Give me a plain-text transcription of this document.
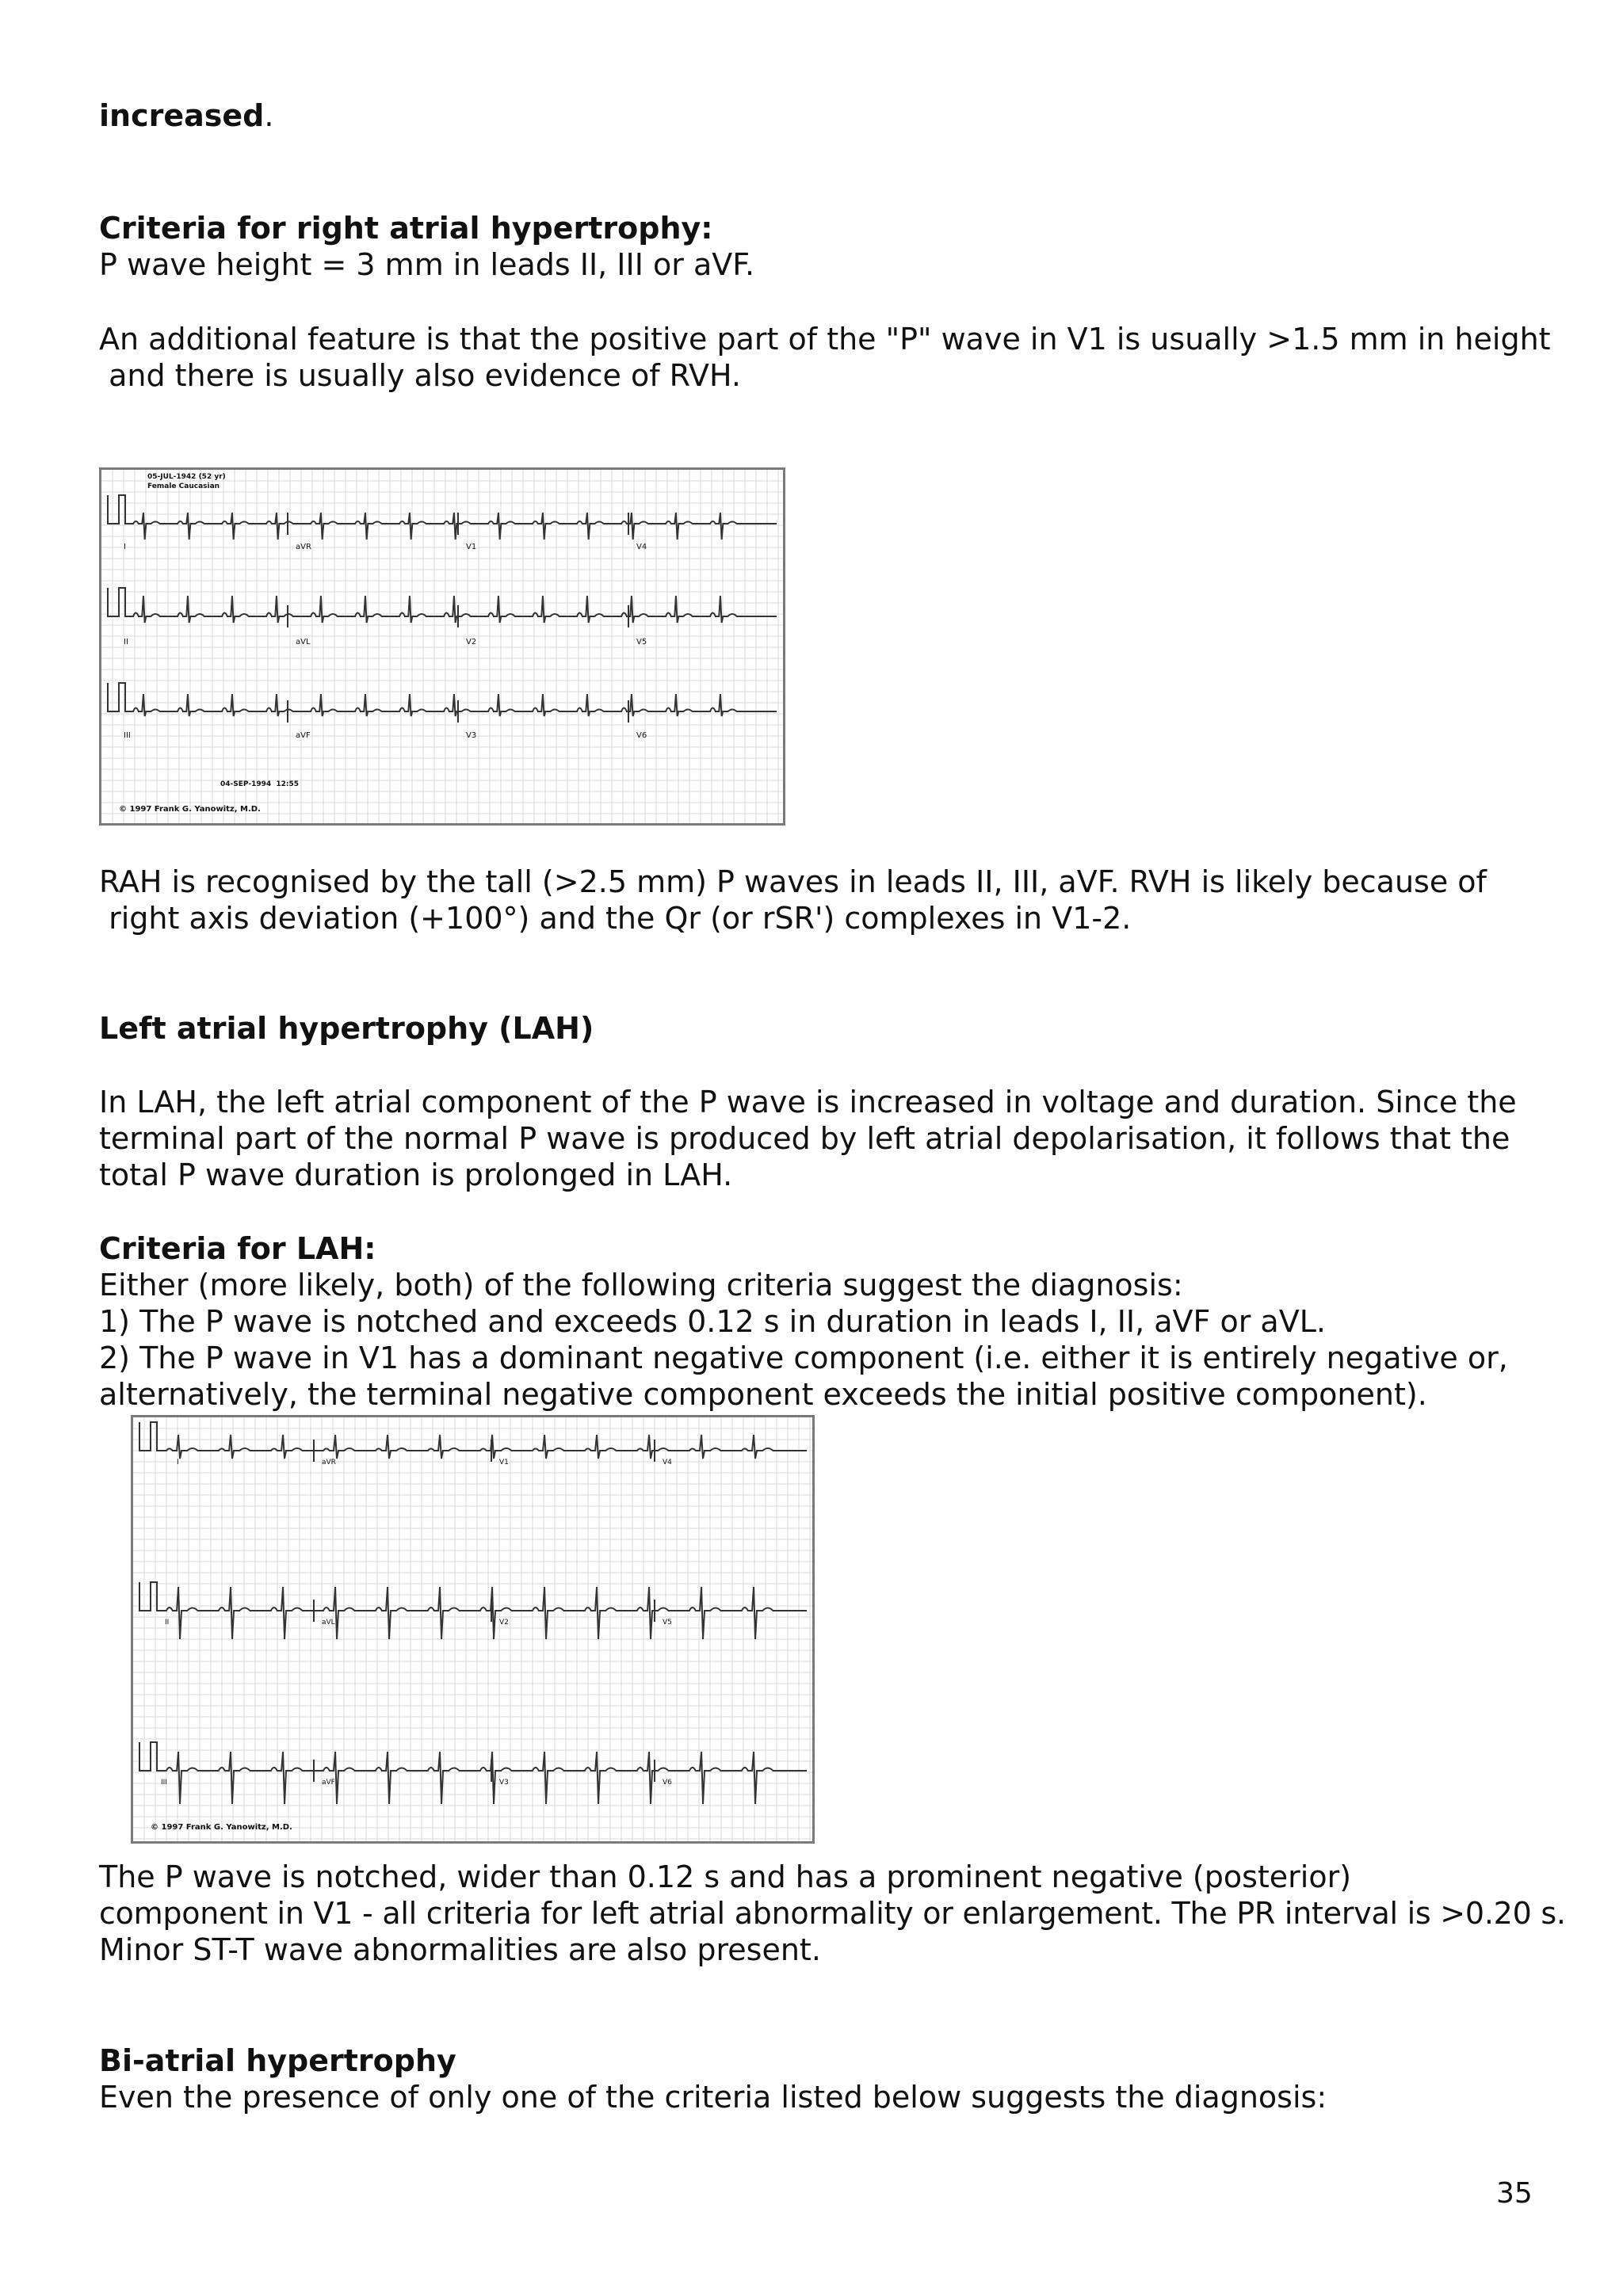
increased.
Criteria for right atrial hypertrophy:
P wave height = 3 mm in leads II, III or aVF.
An additional feature is that the positive part of the "P" wave in V1 is usually >1.5 mm in height
and there is usually also evidence of RVH.
05-JUL-1942 (52 yr)
Female Caucasian
I	aVR	V1	V4
II	aVL	V2	V5
III	aVF	V3	V6
04-SEP-1994  12:55
© 1997 Frank G. Yanowitz, M.D.
RAH is recognised by the tall (>2.5 mm) P waves in leads II, III, aVF. RVH is likely because of
right axis deviation (+100°) and the Qr (or rSR') complexes in V1-2.
Left atrial hypertrophy (LAH)
In LAH, the left atrial component of the P wave is increased in voltage and duration. Since the
terminal part of the normal P wave is produced by left atrial depolarisation, it follows that the
total P wave duration is prolonged in LAH.
Criteria for LAH:
Either (more likely, both) of the following criteria suggest the diagnosis:
1) The P wave is notched and exceeds 0.12 s in duration in leads I, II, aVF or aVL.
2) The P wave in V1 has a dominant negative component (i.e. either it is entirely negative or,
alternatively, the terminal negative component exceeds the initial positive component).
I	aVR	V1	V4
II	aVL	V2	V5
III	aVF	V3	V6
© 1997 Frank G. Yanowitz, M.D.
The P wave is notched, wider than 0.12 s and has a prominent negative (posterior)
component in V1 - all criteria for left atrial abnormality or enlargement. The PR interval is >0.20 s.
Minor ST-T wave abnormalities are also present.
Bi-atrial hypertrophy
Even the presence of only one of the criteria listed below suggests the diagnosis:
35
